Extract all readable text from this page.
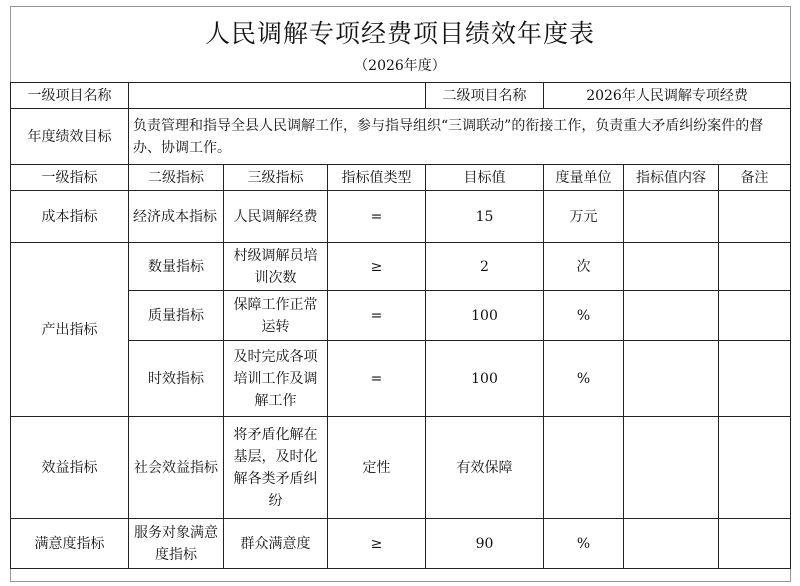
人民调解专项经费项目绩效年度表
（2026年度）
一级项目名称				二级项目名称	2026年人民调解专项经费		
年度绩效目标	负责管理和指导全县人民调解工作，参与指导组织“三调联动”的衔接工作，负责重大矛盾纠纷案件的督办、协调工作。						
一级指标	二级指标	三级指标	指标值类型	目标值	度量单位	指标值内容	备注
成本指标	经济成本指标	人民调解经费	=	15	万元		
产出指标	数量指标	村级调解员培训次数	≥	2	次		
	质量指标	保障工作正常运转	=	100	%		
	时效指标	及时完成各项培训工作及调解工作	=	100	%		
效益指标	社会效益指标	将矛盾化解在基层，及时化解各类矛盾纠纷	定性	有效保障			
满意度指标	服务对象满意度指标	群众满意度	≥	90	%		
